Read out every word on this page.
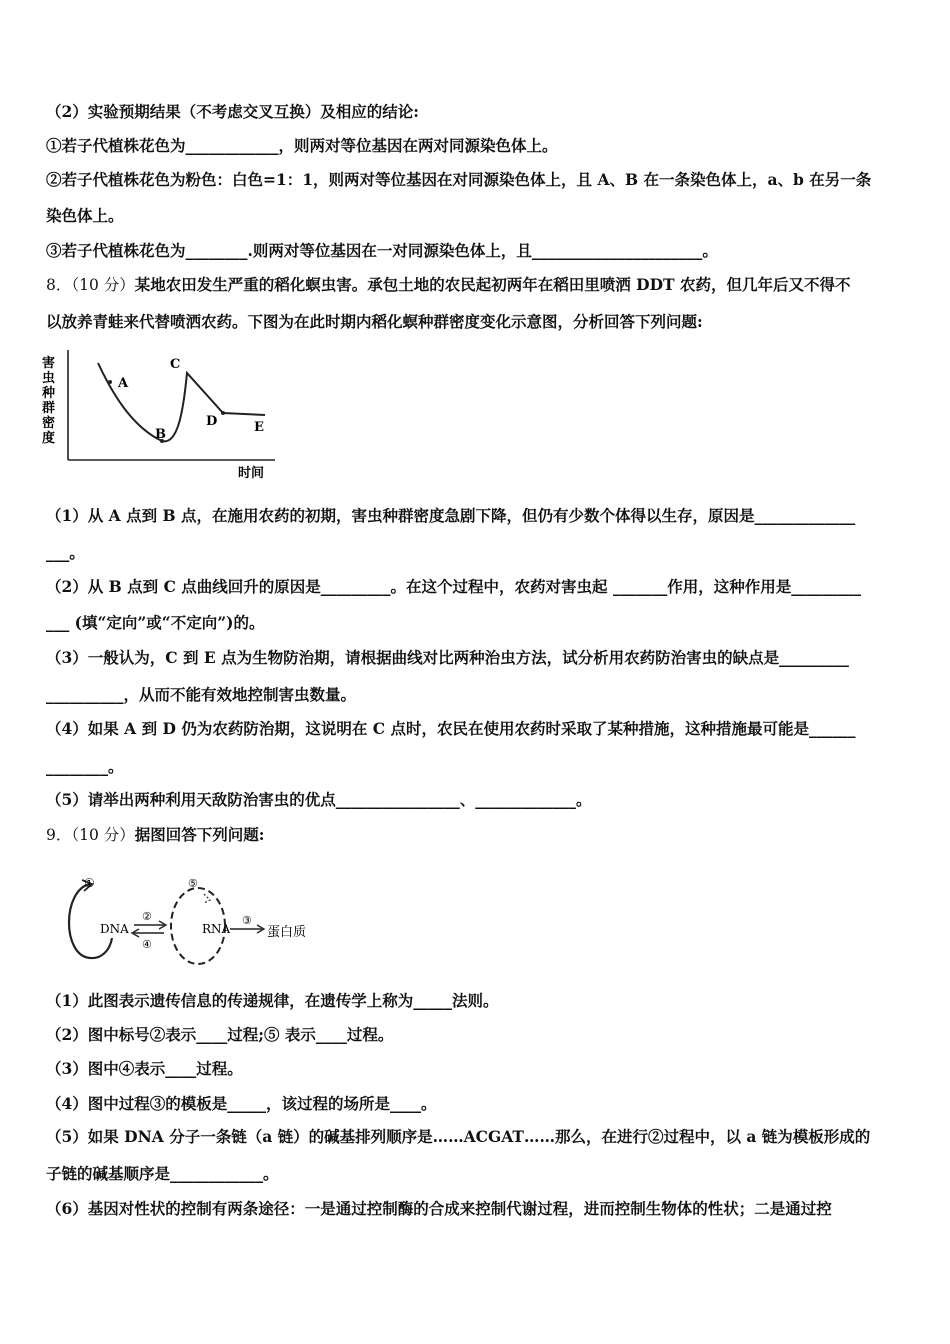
（2）实验预期结果（不考虑交叉互换）及相应的结论:
①若子代植株花色为____________，则两对等位基因在两对同源染色体上。
②若子代植株花色为粉色：白色=1：1，则两对等位基因在对同源染色体上，且 A、B 在一条染色体上，a、b 在另一条
染色体上。
③若子代植株花色为________.则两对等位基因在一对同源染色体上，且______________________。
8．（10 分）某地农田发生严重的稻化螟虫害。承包土地的农民起初两年在稻田里喷洒 DDT 农药，但几年后又不得不
以放养青蛙来代替喷洒农药。下图为在此时期内稻化螟种群密度变化示意图，分析回答下列问题:
害
虫
种
群
密
度
A
B
C
D	E
时间
（1）从 A 点到 B 点，在施用农药的初期，害虫种群密度急剧下降，但仍有少数个体得以生存，原因是_____________
___。
（2）从 B 点到 C 点曲线回升的原因是_________。在这个过程中，农药对害虫起 _______作用，这种作用是_________
___ (填“定向”或“不定向”)的。
（3）一般认为，C 到 E 点为生物防治期，请根据曲线对比两种治虫方法，试分析用农药防治害虫的缺点是_________
__________，从而不能有效地控制害虫数量。
（4）如果 A 到 D 仍为农药防治期，这说明在 C 点时，农民在使用农药时采取了某种措施，这种措施最可能是______
________。
（5）请举出两种利用天敌防治害虫的优点________________、_____________。
9．（10 分）据图回答下列问题:
①
DNA
②
④
⑤
RNA
③
蛋白质
（1）此图表示遗传信息的传递规律，在遗传学上称为_____法则。
（2）图中标号②表示____过程;⑤ 表示____过程。
（3）图中④表示____过程。
（4）图中过程③的模板是_____，该过程的场所是____。
（5）如果 DNA 分子一条链（a 链）的碱基排列顺序是……ACGAT……那么，在进行②过程中，以 a 链为模板形成的
子链的碱基顺序是____________。
（6）基因对性状的控制有两条途径：一是通过控制酶的合成来控制代谢过程，进而控制生物体的性状；二是通过控
